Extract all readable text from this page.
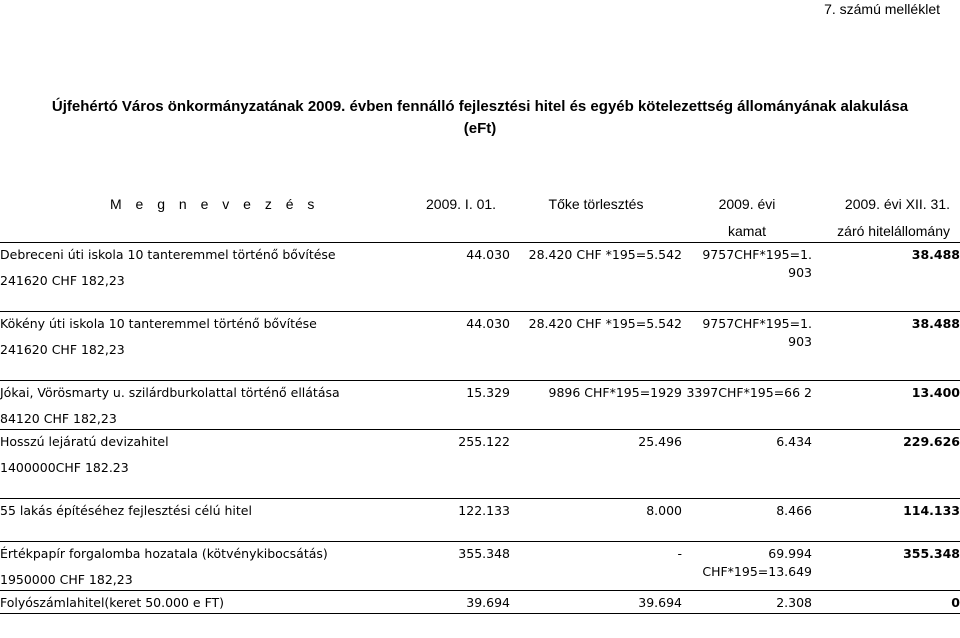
7. számú melléklet
Újfehértó Város önkormányzatának 2009. évben fennálló fejlesztési hitel és egyéb kötelezettség állományának alakulása
(eFt)
M e g n e v e z é s	2009. I. 01.	Tőke törlesztés	2009. évi
kamat	2009. évi XII. 31.
záró hitelállomány

Debreceni úti iskola 10 tanteremmel történő bővítése
241620 CHF 182,23	44.030	28.420 CHF *195=5.542	9757CHF*195=1. 903	38.488

Kökény úti iskola 10 tanteremmel történő bővítése
241620 CHF 182,23	44.030	28.420 CHF *195=5.542	9757CHF*195=1. 903	38.488

Jókai, Vörösmarty u. szilárdburkolattal történő ellátása
84120 CHF 182,23	15.329	9896 CHF*195=1929	3397CHF*195=66 2	13.400

Hosszú lejáratú devizahitel
1400000CHF 182.23	255.122	25.496	6.434	229.626

55 lakás építéséhez fejlesztési célú hitel	122.133	8.000	8.466	114.133

Értékpapír forgalomba hozatala (kötvénykibocsátás)
1950000 CHF 182,23	355.348	-	69.994 CHF*195=13.649	355.348

Folyószámlahitel(keret 50.000 e FT)	39.694	39.694	2.308	0
